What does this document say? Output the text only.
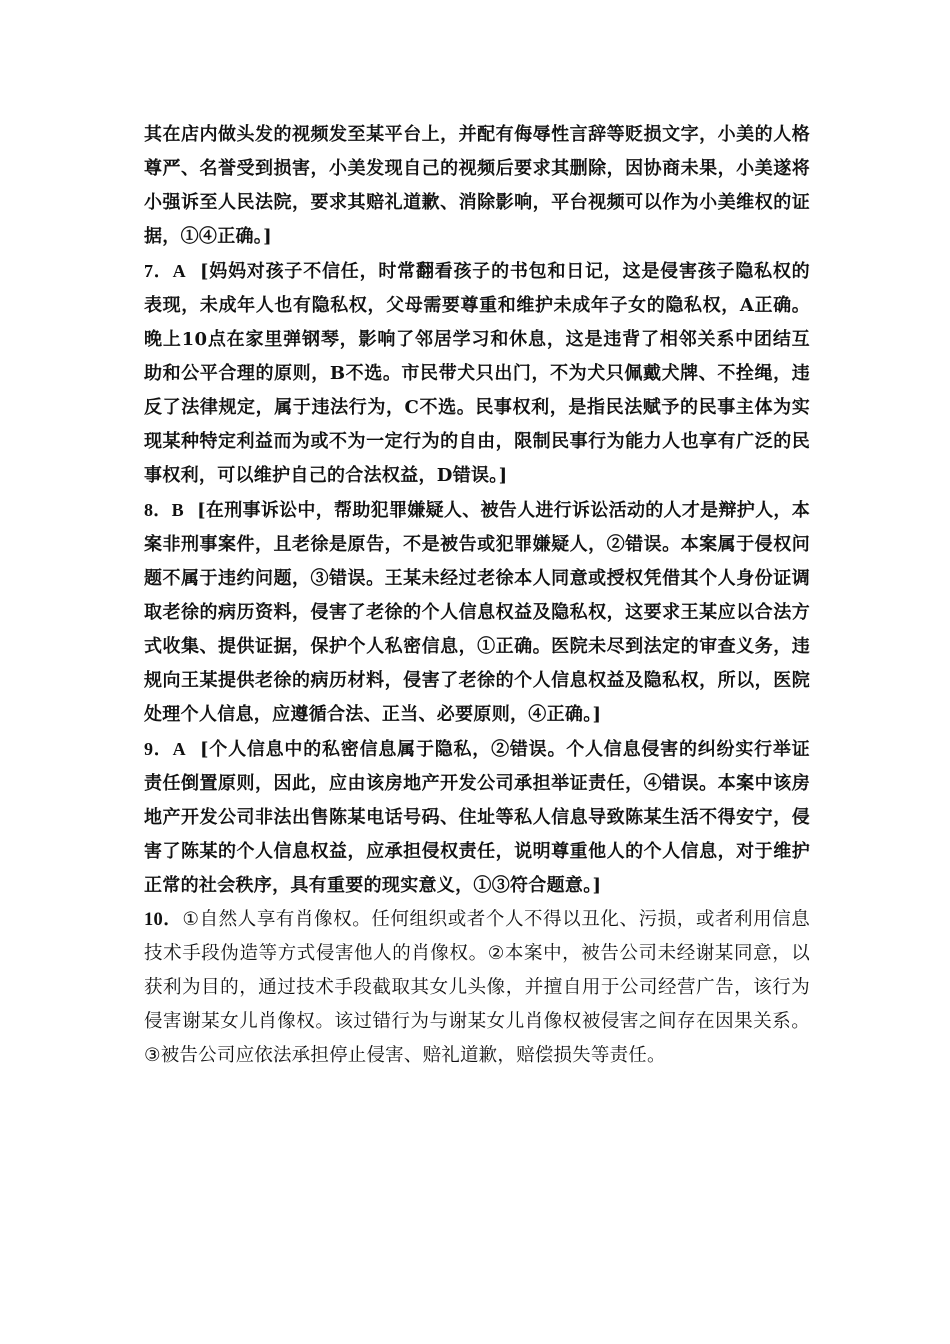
其在店内做头发的视频发至某平台上，并配有侮辱性言辞等贬损文字，小美的人格尊严、名誉受到损害，小美发现自己的视频后要求其删除，因协商未果，小美遂将小强诉至人民法院，要求其赔礼道歉、消除影响，平台视频可以作为小美维权的证据，①④正确。]

7．A [妈妈对孩子不信任，时常翻看孩子的书包和日记，这是侵害孩子隐私权的表现，未成年人也有隐私权，父母需要尊重和维护未成年子女的隐私权，A正确。晚上10点在家里弹钢琴，影响了邻居学习和休息，这是违背了相邻关系中团结互助和公平合理的原则，B不选。市民带犬只出门，不为犬只佩戴犬牌、不拴绳，违反了法律规定，属于违法行为，C不选。民事权利，是指民法赋予的民事主体为实现某种特定利益而为或不为一定行为的自由，限制民事行为能力人也享有广泛的民事权利，可以维护自己的合法权益，D错误。]

8．B [在刑事诉讼中，帮助犯罪嫌疑人、被告人进行诉讼活动的人才是辩护人，本案非刑事案件，且老徐是原告，不是被告或犯罪嫌疑人，②错误。本案属于侵权问题不属于违约问题，③错误。王某未经过老徐本人同意或授权凭借其个人身份证调取老徐的病历资料，侵害了老徐的个人信息权益及隐私权，这要求王某应以合法方式收集、提供证据，保护个人私密信息，①正确。医院未尽到法定的审查义务，违规向王某提供老徐的病历材料，侵害了老徐的个人信息权益及隐私权，所以，医院处理个人信息，应遵循合法、正当、必要原则，④正确。]

9．A [个人信息中的私密信息属于隐私，②错误。个人信息侵害的纠纷实行举证责任倒置原则，因此，应由该房地产开发公司承担举证责任，④错误。本案中该房地产开发公司非法出售陈某电话号码、住址等私人信息导致陈某生活不得安宁，侵害了陈某的个人信息权益，应承担侵权责任，说明尊重他人的个人信息，对于维护正常的社会秩序，具有重要的现实意义，①③符合题意。]

10．①自然人享有肖像权。任何组织或者个人不得以丑化、污损，或者利用信息技术手段伪造等方式侵害他人的肖像权。②本案中，被告公司未经谢某同意，以获利为目的，通过技术手段截取其女儿头像，并擅自用于公司经营广告，该行为侵害谢某女儿肖像权。该过错行为与谢某女儿肖像权被侵害之间存在因果关系。③被告公司应依法承担停止侵害、赔礼道歉，赔偿损失等责任。
